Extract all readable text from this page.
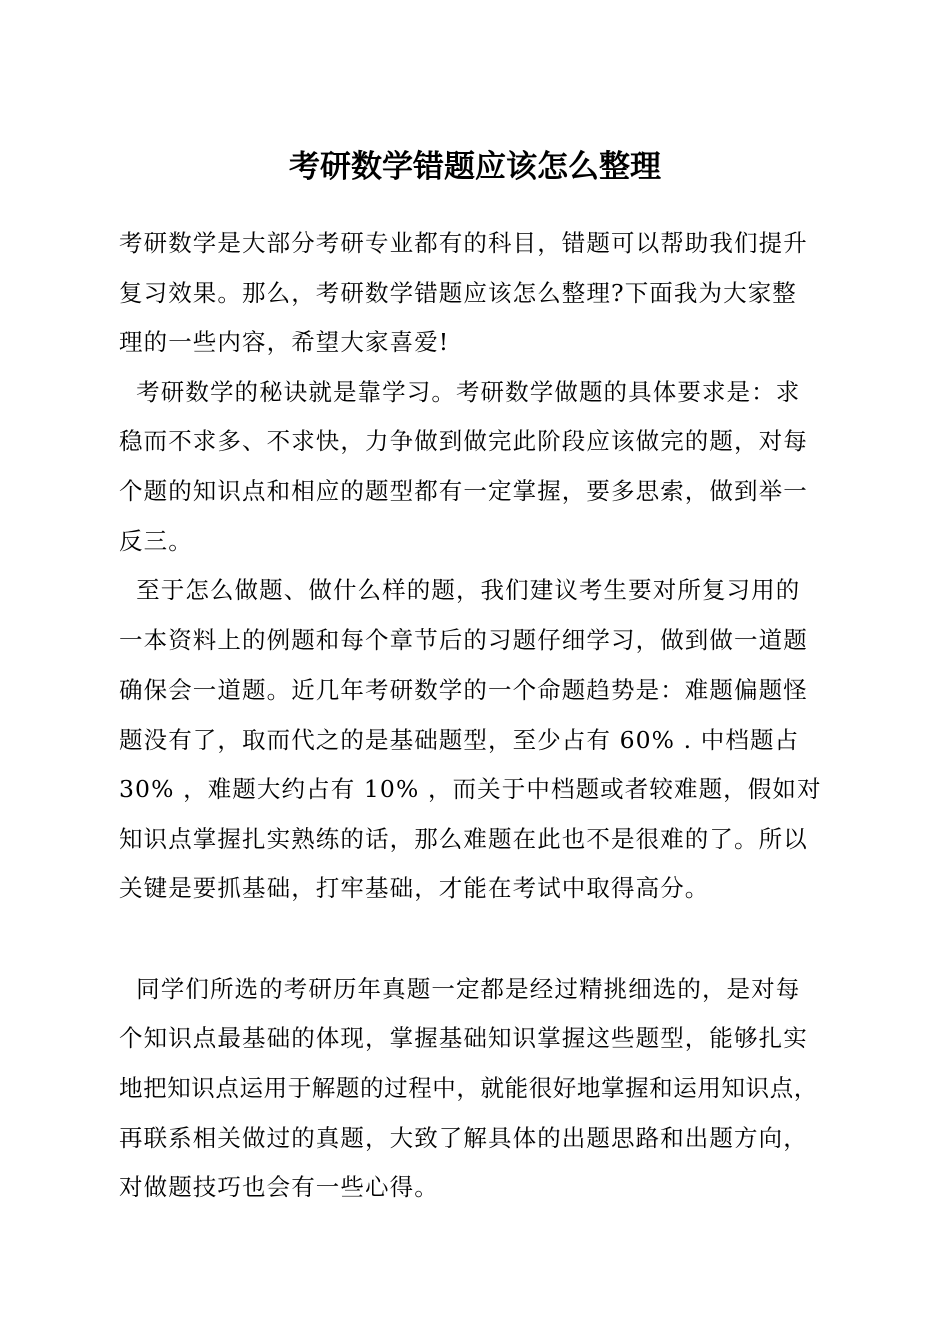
考研数学错题应该怎么整理
考研数学是大部分考研专业都有的科目，错题可以帮助我们提升
复习效果。那么，考研数学错题应该怎么整理?下面我为大家整
理的一些内容，希望大家喜爱!
考研数学的秘诀就是靠学习。考研数学做题的具体要求是：求
稳而不求多、不求快，力争做到做完此阶段应该做完的题，对每
个题的知识点和相应的题型都有一定掌握，要多思索，做到举一
反三。
至于怎么做题、做什么样的题，我们建议考生要对所复习用的
一本资料上的例题和每个章节后的习题仔细学习，做到做一道题
确保会一道题。近几年考研数学的一个命题趋势是：难题偏题怪
题没有了，取而代之的是基础题型，至少占有 60% . 中档题占
30% ，难题大约占有 10% ，而关于中档题或者较难题，假如对
知识点掌握扎实熟练的话，那么难题在此也不是很难的了。所以
关键是要抓基础，打牢基础，才能在考试中取得高分。
同学们所选的考研历年真题一定都是经过精挑细选的，是对每
个知识点最基础的体现，掌握基础知识掌握这些题型，能够扎实
地把知识点运用于解题的过程中，就能很好地掌握和运用知识点，
再联系相关做过的真题，大致了解具体的出题思路和出题方向，
对做题技巧也会有一些心得。
